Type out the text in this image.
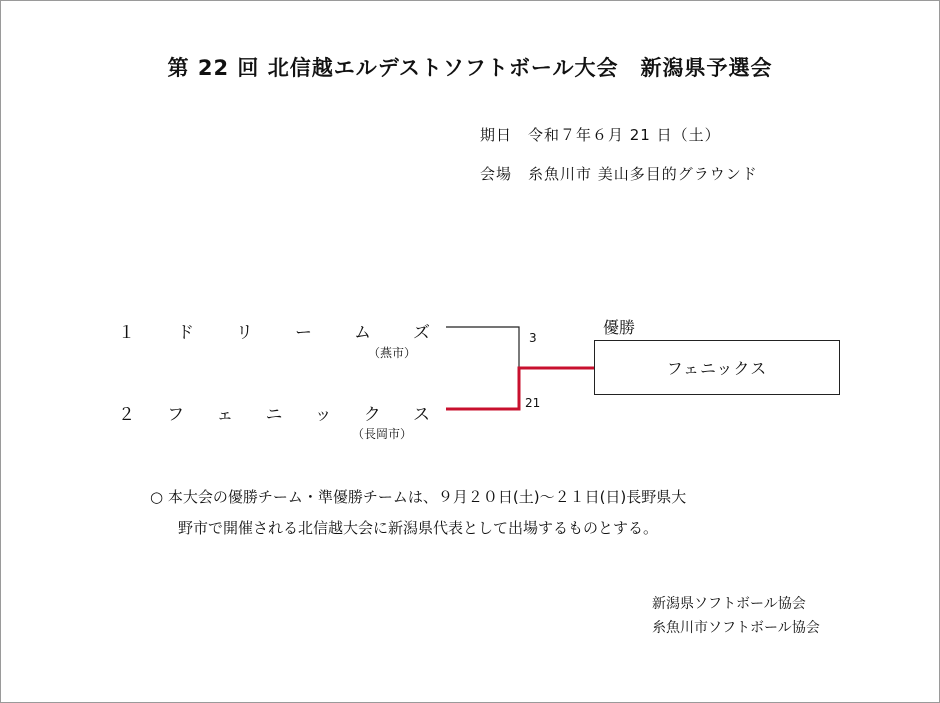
第 22 回 北信越エルデストソフトボール大会　新潟県予選会
期日　令和７年６月 21 日（土）
会場　糸魚川市 美山多目的グラウンド
１ ド リ ー ム ズ
（燕市）
２ フ ェ ニ ッ ク ス
（長岡市）
3
21
優勝
フェニックス
○ 本大会の優勝チーム・準優勝チームは、９月２０日(土)～２１日(日)長野県大
野市で開催される北信越大会に新潟県代表として出場するものとする。
新潟県ソフトボール協会
糸魚川市ソフトボール協会
